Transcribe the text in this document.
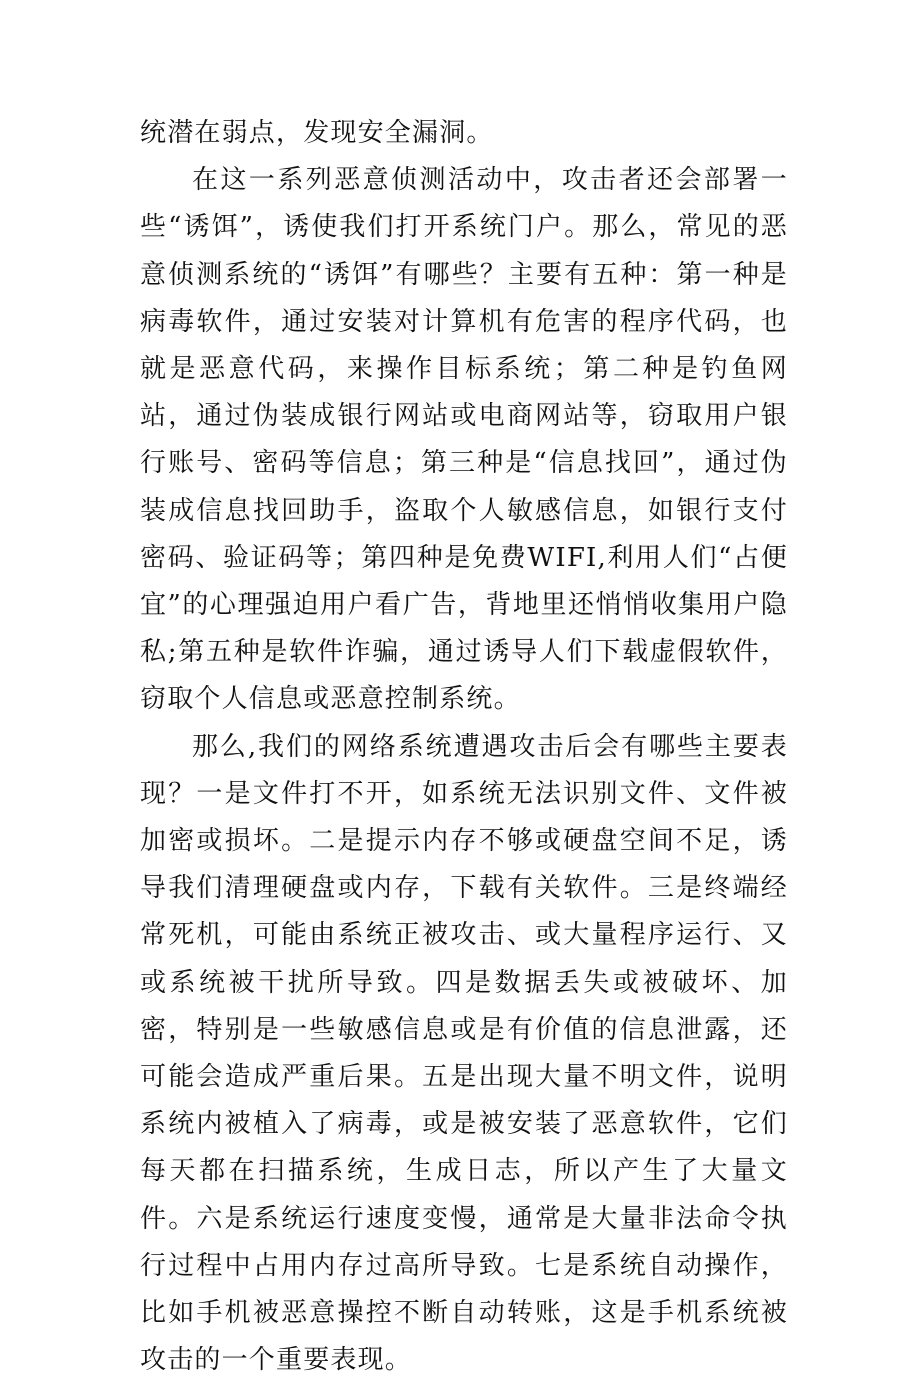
统潜在弱点，发现安全漏洞。

在这一系列恶意侦测活动中，攻击者还会部署一些“诱饵”，诱使我们打开系统门户。那么，常见的恶意侦测系统的“诱饵”有哪些？主要有五种：第一种是病毒软件，通过安装对计算机有危害的程序代码，也就是恶意代码，来操作目标系统；第二种是钓鱼网站，通过伪装成银行网站或电商网站等，窃取用户银行账号、密码等信息；第三种是“信息找回”，通过伪装成信息找回助手，盗取个人敏感信息，如银行支付密码、验证码等；第四种是免费WIFI,利用人们“占便宜”的心理强迫用户看广告，背地里还悄悄收集用户隐私;第五种是软件诈骗，通过诱导人们下载虚假软件，窃取个人信息或恶意控制系统。

那么,我们的网络系统遭遇攻击后会有哪些主要表现？一是文件打不开，如系统无法识别文件、文件被加密或损坏。二是提示内存不够或硬盘空间不足，诱导我们清理硬盘或内存，下载有关软件。三是终端经常死机，可能由系统正被攻击、或大量程序运行、又或系统被干扰所导致。四是数据丢失或被破坏、加密，特别是一些敏感信息或是有价值的信息泄露，还可能会造成严重后果。五是出现大量不明文件，说明系统内被植入了病毒，或是被安装了恶意软件，它们每天都在扫描系统，生成日志，所以产生了大量文件。六是系统运行速度变慢，通常是大量非法命令执行过程中占用内存过高所导致。七是系统自动操作，比如手机被恶意操控不断自动转账，这是手机系统被攻击的一个重要表现。
